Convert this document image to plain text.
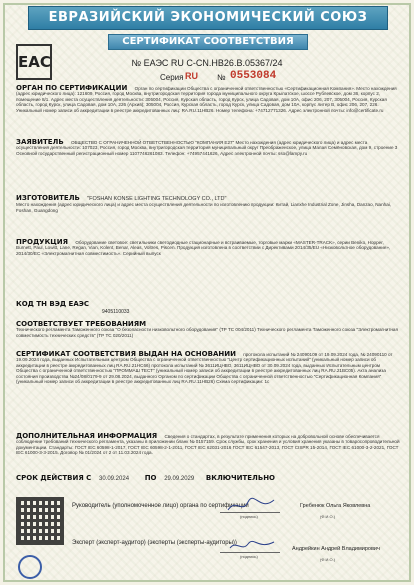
ЕВРАЗИЙСКИЙ ЭКОНОМИЧЕСКИЙ СОЮЗ
СЕРТИФИКАТ СООТВЕТСТВИЯ
EAC	№ ЕАЭС RU С-CN.НВ26.В.05367/24
Серия RU № 0553084
ОРГАН ПО СЕРТИФИКАЦИИ Орган по сертификации Общества с ограниченной ответственностью «Сертификационная Компания». Место нахождения (адрес юридического лица): 121609, Россия, город Москва, внутригородская территория города муниципального округа Крылатское, шоссе Рублевское, дом 36, корпус 2, помещение 8/1. Адрес места осуществления деятельности: 305004, Россия, Курская область, город Курск, улица Садовая, дом 10А, офис 206, 207, 305004, Россия, Курская область, город Курск, улица Садовая, дом 10А, 226 (Архив); 305004, Россия, Курская область, город Курск, улица Садовая, дом 10А, корпус литер В, офис 206, 207, 226. Уникальный номер записи об аккредитации в реестре аккредитованных лиц: RA.RU.11НВ26. Номер телефона: +74712771326. Адрес электронной почты: info@certificate.ru
ЗАЯВИТЕЛЬ ОБЩЕСТВО С ОГРАНИЧЕННОЙ ОТВЕТСТВЕННОСТЬЮ "КОМПАНИЯ Е27" Место нахождения (адрес юридического лица) и адрес места осуществления деятельности: 107023, Россия, город Москва, внутригородская территория муниципальный округ Преображенское, улица Малая Семёновская, дом 9, строение 3 Основной государственный регистрационный номер 1107746261083. Телефон: +74957441626, Адрес электронной почты: sso@lampy.ru
ИЗГОТОВИТЕЛЬ "FOSHAN KONSE LIGHTING TECHNOLOGY CO., LTD"
Место нахождения (адрес юридического лица) и адрес места осуществления деятельности по изготовлению продукции: Китай, Lianxhe Industrial Zone, Jinsha, Danzao, Nanhai, Foshan, Guangdong
ПРОДУКЦИЯ Оборудование световое: светильники светодиодные стационарные и встраиваемые, торговые марки «MASTER-TRACK», серии Beniko, Hopper, Burnett, Paul, Lowitt, Lane, Regan, Vian, Kolent, Benar, Aleas, Voltres, Piscen. Продукция изготовлена в соответствии с Директивами 2014/35/EU «Низковольтное оборудование», 2014/30/ЕС «Электромагнитная совместимость». Серийный выпуск
КОД ТН ВЭД ЕАЭС
9405110033
СООТВЕТСТВУЕТ ТРЕБОВАНИЯМ
Технического регламента Таможенного союза "О безопасности низковольтного оборудования" (ТР ТС 004/2011) Технического регламента Таможенного союза "Электромагнитная совместимость технических средств" (ТР ТС 020/2011)
СЕРТИФИКАТ СООТВЕТСТВИЯ ВЫДАН НА ОСНОВАНИИ протокола испытаний № 24090109 от 19.09.2024 года, № 24090110 от 19.09.2024 года, выданных Испытательным центром Общества с ограниченной ответственностью "Центр сертификационных испытаний" (уникальный номер записи об аккредитации в реестре аккредитованных лиц RA.RU.21НС66) протокола испытаний № 3611ИЦНВО, 3611ИЦНВО от 30.09.2024 года, выданных Испытательным центром Общества с ограниченной ответственностью "ПРОММАШ ТЕСТ" (уникальный номер записи об аккредитации в реестре аккредитованных лиц RA.RU.21ВС05). Акта анализа состояния производства №24/08/0179-9 от 29.08.2024, выданного Органом по сертификации Общества с ограниченной ответственностью "Сертификационная Компания" (уникальный номер записи об аккредитации в реестре аккредитованных лиц RA.RU.11НВ26) Схема сертификации: 1с
ДОПОЛНИТЕЛЬНАЯ ИНФОРМАЦИЯ Сведения о стандартах, в результате применения которых на добровольной основе обеспечивается соблюдение требований технического регламента, указаны в приложении бланк № 0157159. Срок службы, срок хранения и условия хранения указаны в товаросопроводительной документации. Стандарты: ГОСТ IEC 60598-1-2017, ГОСТ IEC 60598-2-1-2011, ГОСТ IEC 62031-2016 ГОСТ IEC 61547-2013, ГОСТ CISPR 15-2014, ГОСТ IEC 61000-3-2-2021, ГОСТ IEC 61000-3-3-2015. Договор № 01/2024 от 2 от 11.03.2024 года.
СРОК ДЕЙСТВИЯ С 30.09.2024 ПО 29.09.2029 ВКЛЮЧИТЕЛЬНО
Руководитель (уполномоченное лицо) органа по сертификации
(подпись)
Гребенюк Ольга Яковлевна
(Ф.И.О.)
Эксперт (эксперт-аудитор) (эксперты (эксперты-аудиторы))
(подпись)
Андрейкин Андрей Владимирович
(Ф.И.О.)
